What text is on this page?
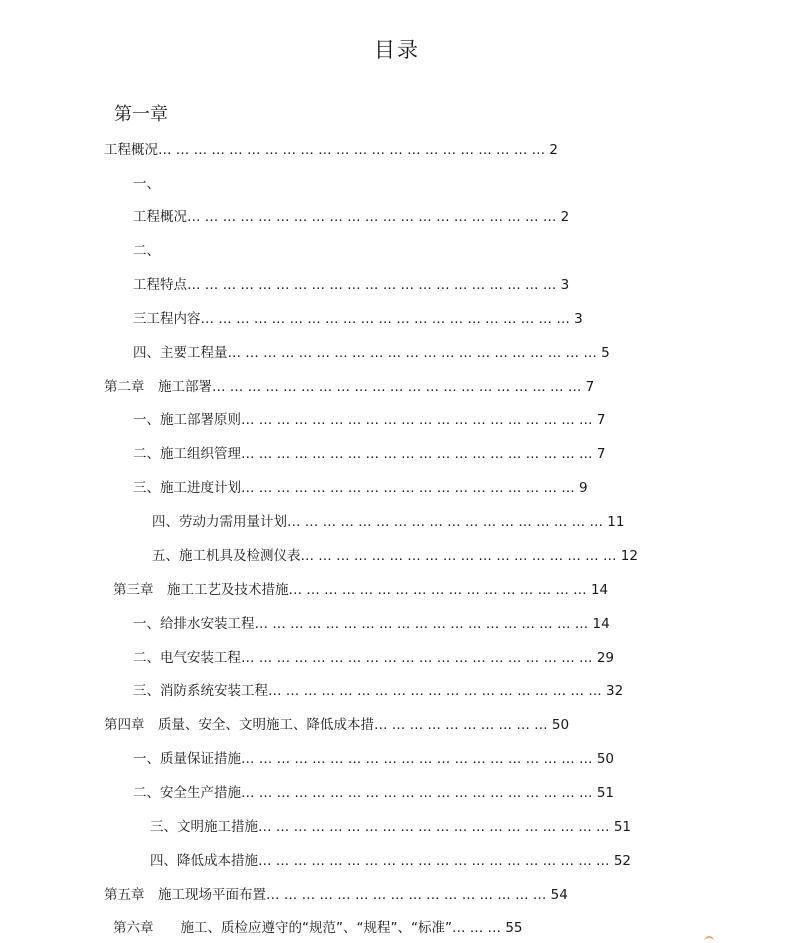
目录
第一章
工程概况… … … … … … … … … … … … … … … … … … … … … … 2
一、
工程概况… … … … … … … … … … … … … … … … … … … … … 2
二、
工程特点… … … … … … … … … … … … … … … … … … … … … 3
三工程内容… … … … … … … … … … … … … … … … … … … … … 3
四、主要工程量… … … … … … … … … … … … … … … … … … … … … 5
第二章　施工部署… … … … … … … … … … … … … … … … … … … … … 7
一、施工部署原则… … … … … … … … … … … … … … … … … … … … 7
二、施工组织管理… … … … … … … … … … … … … … … … … … … … 7
三、施工进度计划… … … … … … … … … … … … … … … … … … … 9
四、劳动力需用量计划… … … … … … … … … … … … … … … … … … 11
五、施工机具及检测仪表… … … … … … … … … … … … … … … … … … 12
第三章　施工工艺及技术措施… … … … … … … … … … … … … … … … … 14
一、给排水安装工程… … … … … … … … … … … … … … … … … … … 14
二、电气安装工程… … … … … … … … … … … … … … … … … … … … 29
三、消防系统安装工程… … … … … … … … … … … … … … … … … … … 32
第四章　质量、安全、文明施工、降低成本措… … … … … … … … … … 50
一、质量保证措施… … … … … … … … … … … … … … … … … … … … 50
二、安全生产措施… … … … … … … … … … … … … … … … … … … … 51
三、文明施工措施… … … … … … … … … … … … … … … … … … … … 51
四、降低成本措施… … … … … … … … … … … … … … … … … … … … 52
第五章　施工现场平面布置… … … … … … … … … … … … … … … … 54
第六章　　施工、质检应遵守的“规范”、“规程”、“标准”… … … 55
